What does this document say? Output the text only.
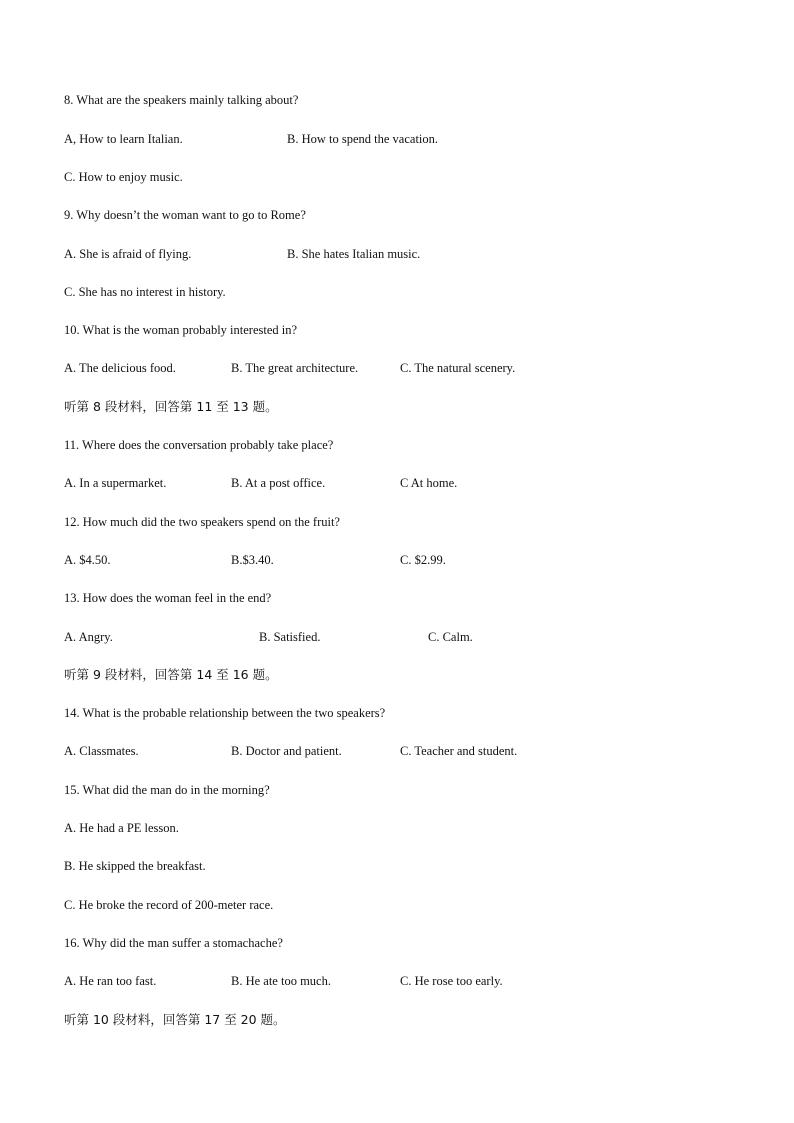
8. What are the speakers mainly talking about?
A, How to learn Italian.	B. How to spend the vacation.
C. How to enjoy music.
9. Why doesn’t the woman want to go to Rome?
A. She is afraid of flying.	B. She hates Italian music.
C. She has no interest in history.
10. What is the woman probably interested in?
A. The delicious food.	B. The great architecture.	C. The natural scenery.
听第 8 段材料，回答第 11 至 13 题。
11. Where does the conversation probably take place?
A. In a supermarket.	B. At a post office.	C At home.
12. How much did the two speakers spend on the fruit?
A. $4.50.	B.$3.40.	C. $2.99.
13. How does the woman feel in the end?
A. Angry.	B. Satisfied.	C. Calm.
听第 9 段材料，回答第 14 至 16 题。
14. What is the probable relationship between the two speakers?
A. Classmates.	B. Doctor and patient.	C. Teacher and student.
15. What did the man do in the morning?
A. He had a PE lesson.
B. He skipped the breakfast.
C. He broke the record of 200-meter race.
16. Why did the man suffer a stomachache?
A. He ran too fast.	B. He ate too much.	C. He rose too early.
听第 10 段材料，回答第 17 至 20 题。
